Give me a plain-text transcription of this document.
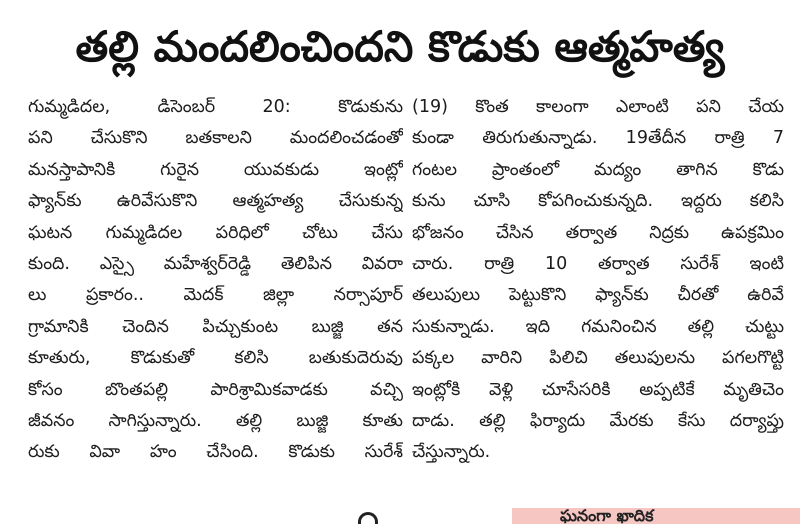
తల్లి మందలించిందని కొడుకు ఆత్మహత్య
గుమ్మడిదల, డిసెంబర్ 20: కొడుకును
పని చేసుకొని బతకాలని మందలించడంతో
మనస్తాపానికి గురైన యువకుడు ఇంట్లో
ఫ్యాన్‌కు ఉరివేసుకొని ఆత్మహత్య చేసుకున్న
ఘటన గుమ్మడిదల పరిధిలో చోటు చేసు
కుంది. ఎస్సై మహేశ్వర్‌రెడ్డి తెలిపిన వివరా
లు ప్రకారం.. మెదక్ జిల్లా నర్సాపూర్
గ్రామానికి చెందిన పిచ్చుకుంట బుజ్జి తన
కూతురు, కొడుకుతో కలిసి బతుకుదెరువు
కోసం బొంతపల్లి పారిశ్రామికవాడకు వచ్చి
జీవనం సాగిస్తున్నారు. తల్లి బుజ్జి కూతు
రుకు వివా హం చేసింది. కొడుకు సురేశ్
(19) కొంత కాలంగా ఎలాంటి పని చేయ
కుండా తిరుగుతున్నాడు. 19తేదీన రాత్రి 7
గంటల ప్రాంతంలో మద్యం తాగిన కొడు
కును చూసి కోపగించుకున్నది. ఇద్దరు కలిసి
భోజనం చేసిన తర్వాత నిద్రకు ఉపక్రమిం
చారు. రాత్రి 10 తర్వాత సురేశ్ ఇంటి
తలుపులు పెట్టుకొని ఫ్యాన్‌కు చీరతో ఉరివే
సుకున్నాడు. ఇది గమనించిన తల్లి చుట్టు
పక్కల వారిని పిలిచి తలుపులను పగలగొట్టి
ఇంట్లోకి వెళ్లి చూసేసరికి అప్పటికే మృతిచెం
దాడు. తల్లి ఫిర్యాదు మేరకు కేసు దర్యాప్తు
చేస్తున్నారు.
ఘనంగా ఖాదిక
